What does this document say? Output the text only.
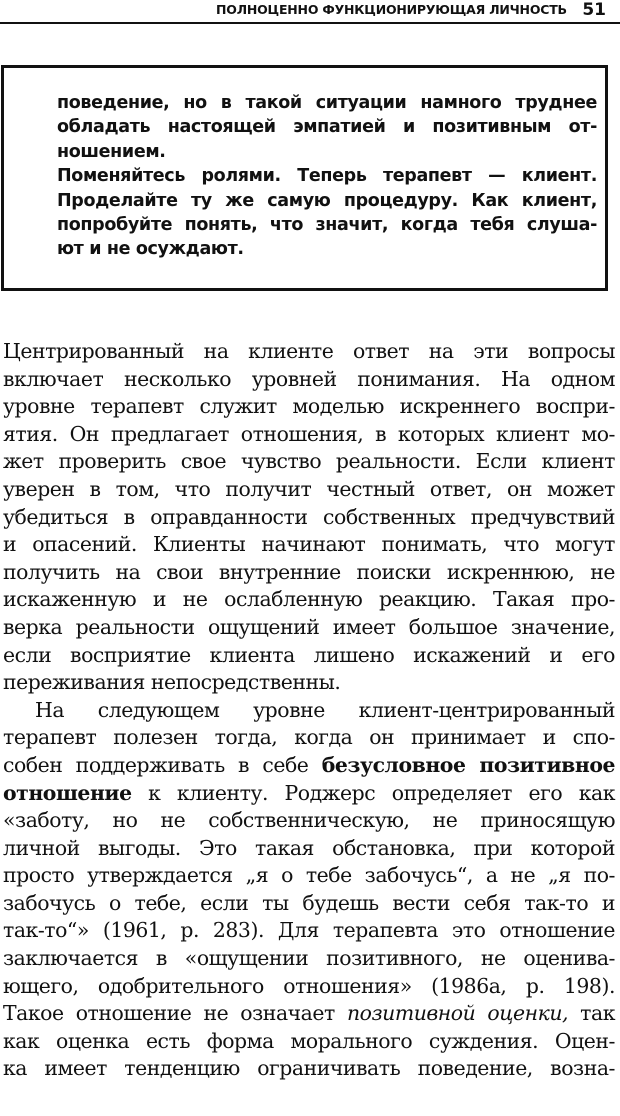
ПОЛНОЦЕННО ФУНКЦИОНИРУЮЩАЯ ЛИЧНОСТЬ 51
поведение, но в такой ситуации намного труднее
обладать настоящей эмпатией и позитивным от-
ношением.
Поменяйтесь ролями. Теперь терапевт — клиент.
Проделайте ту же самую процедуру. Как клиент,
попробуйте понять, что значит, когда тебя слуша-
ют и не осуждают.
Центрированный на клиенте ответ на эти вопросы
включает несколько уровней понимания. На одном
уровне терапевт служит моделью искреннего воспри-
ятия. Он предлагает отношения, в которых клиент мо-
жет проверить свое чувство реальности. Если клиент
уверен в том, что получит честный ответ, он может
убедиться в оправданности собственных предчувствий
и опасений. Клиенты начинают понимать, что могут
получить на свои внутренние поиски искреннюю, не
искаженную и не ослабленную реакцию. Такая про-
верка реальности ощущений имеет большое значение,
если восприятие клиента лишено искажений и его
переживания непосредственны.
На следующем уровне клиент-центрированный
терапевт полезен тогда, когда он принимает и спо-
собен поддерживать в себе безусловное позитивное
отношение к клиенту. Роджерс определяет его как
«заботу, но не собственническую, не приносящую
личной выгоды. Это такая обстановка, при которой
просто утверждается „я о тебе забочусь“, а не „я по-
забочусь о тебе, если ты будешь вести себя так-то и
так-то“» (1961, p. 283). Для терапевта это отношение
заключается в «ощущении позитивного, не оценива-
ющего, одобрительного отношения» (1986a, p. 198).
Такое отношение не означает позитивной оценки, так
как оценка есть форма морального суждения. Оцен-
ка имеет тенденцию ограничивать поведение, возна-
